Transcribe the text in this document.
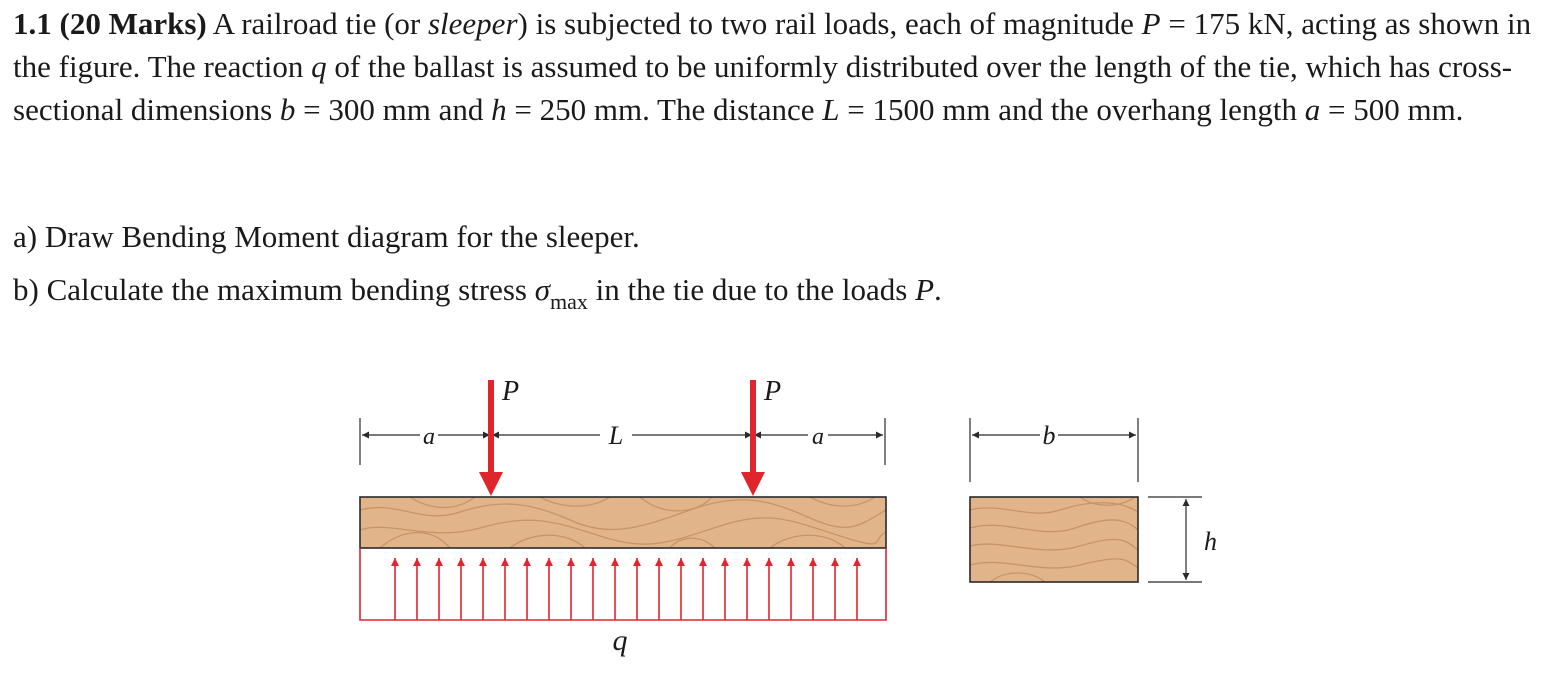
1.1 (20 Marks) A railroad tie (or sleeper) is subjected to two rail loads, each of magnitude P = 175 kN, acting as shown in the figure. The reaction q of the ballast is assumed to be uniformly distributed over the length of the tie, which has cross-sectional dimensions b = 300 mm and h = 250 mm. The distance L = 1500 mm and the overhang length a = 500 mm.

a) Draw Bending Moment diagram for the sleeper.

b) Calculate the maximum bending stress $\sigma_{max}$ in the tie due to the loads P.

a	L	a
P	P
q
b
h
